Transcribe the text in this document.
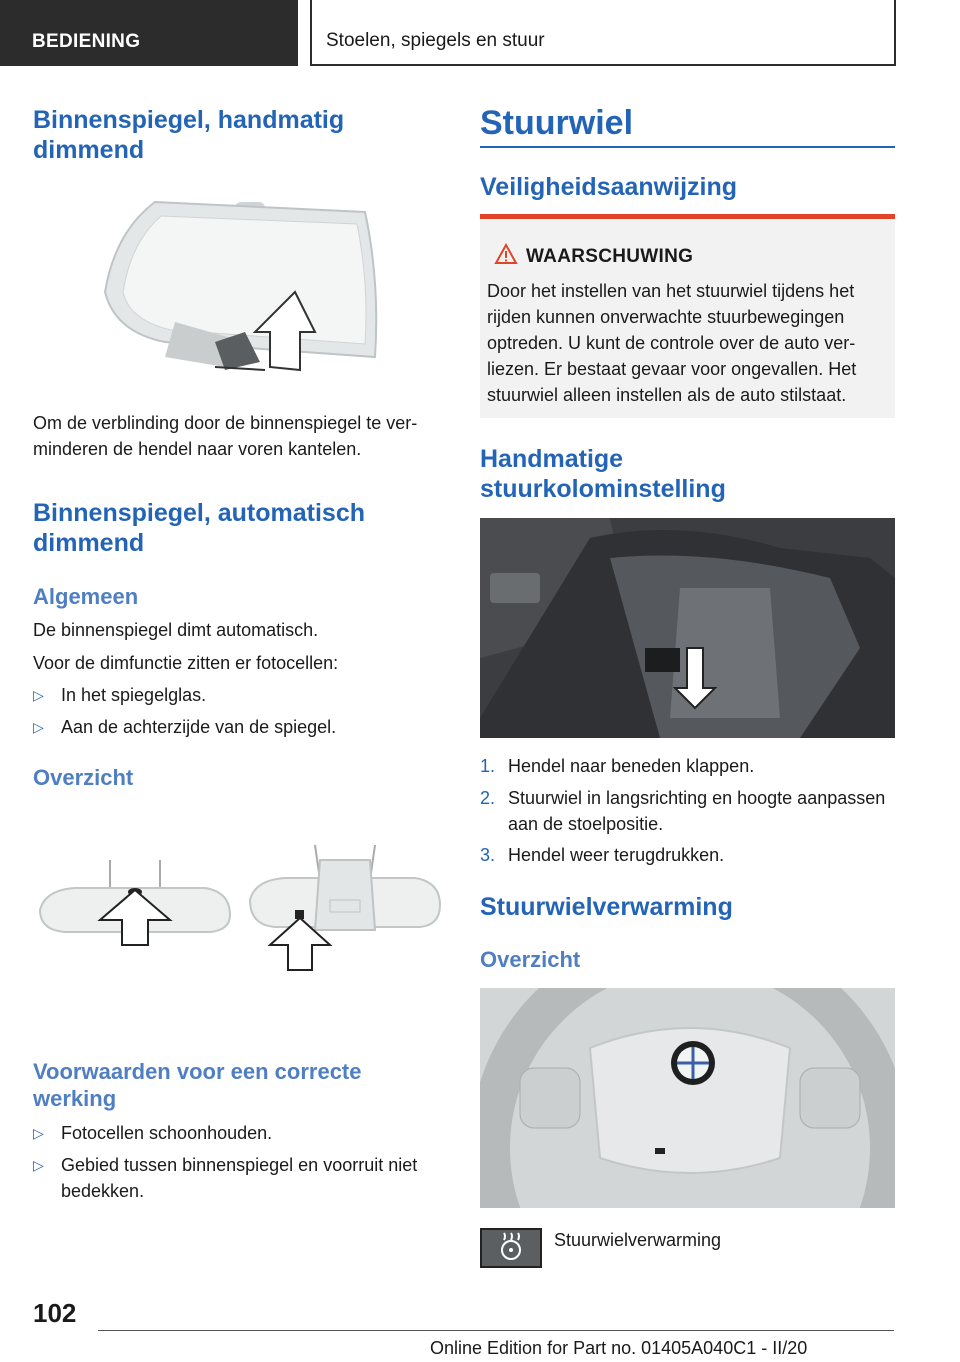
BEDIENING	Stoelen, spiegels en stuur
Binnenspiegel, handmatig dimmend
Om de verblinding door de binnenspiegel te verminderen de hendel naar voren kantelen.
Binnenspiegel, automatisch dimmend
Algemeen
De binnenspiegel dimt automatisch.
Voor de dimfunctie zitten er fotocellen:
▷ In het spiegelglas.
▷ Aan de achterzijde van de spiegel.
Overzicht
Voorwaarden voor een correcte werking
▷ Fotocellen schoonhouden.
▷ Gebied tussen binnenspiegel en voorruit niet bedekken.
Stuurwiel
Veiligheidsaanwijzing
WAARSCHUWING
Door het instellen van het stuurwiel tijdens het rijden kunnen onverwachte stuurbewegingen optreden. U kunt de controle over de auto verliezen. Er bestaat gevaar voor ongevallen. Het stuurwiel alleen instellen als de auto stilstaat.
Handmatige stuurkolominstelling
1. Hendel naar beneden klappen.
2. Stuurwiel in langsrichting en hoogte aanpassen aan de stoelpositie.
3. Hendel weer terugdrukken.
Stuurwielverwarming
Overzicht
Stuurwielverwarming
102
Online Edition for Part no. 01405A040C1 - II/20
